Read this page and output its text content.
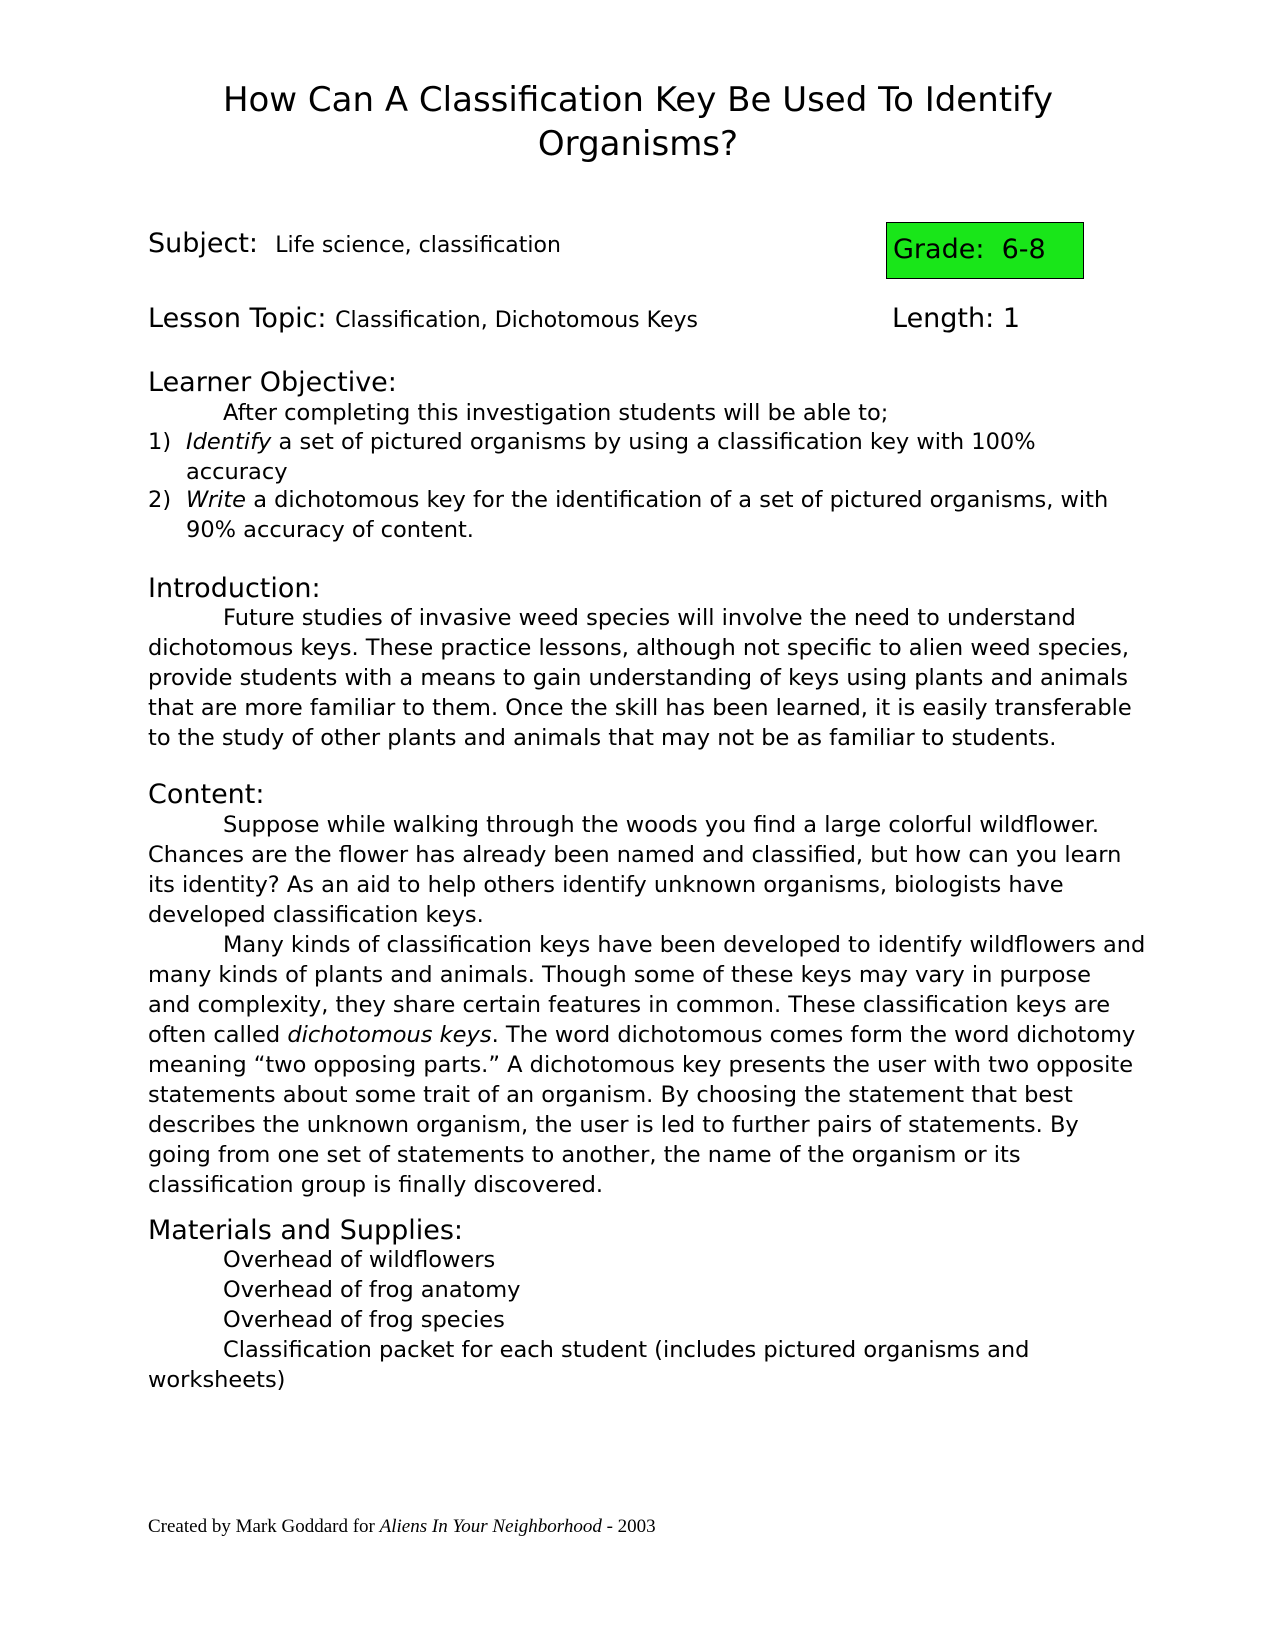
How Can A Classification Key Be Used To Identify
Organisms?
Subject: Life science, classification	Grade: 6-8
Lesson Topic: Classification, Dichotomous Keys	Length: 1
Learner Objective:
After completing this investigation students will be able to;
1) Identify a set of pictured organisms by using a classification key with 100%
accuracy
2) Write a dichotomous key for the identification of a set of pictured organisms, with
90% accuracy of content.
Introduction:
Future studies of invasive weed species will involve the need to understand
dichotomous keys. These practice lessons, although not specific to alien weed species,
provide students with a means to gain understanding of keys using plants and animals
that are more familiar to them. Once the skill has been learned, it is easily transferable
to the study of other plants and animals that may not be as familiar to students.
Content:
Suppose while walking through the woods you find a large colorful wildflower.
Chances are the flower has already been named and classified, but how can you learn
its identity? As an aid to help others identify unknown organisms, biologists have
developed classification keys.
Many kinds of classification keys have been developed to identify wildflowers and
many kinds of plants and animals. Though some of these keys may vary in purpose
and complexity, they share certain features in common. These classification keys are
often called dichotomous keys. The word dichotomous comes form the word dichotomy
meaning “two opposing parts.” A dichotomous key presents the user with two opposite
statements about some trait of an organism. By choosing the statement that best
describes the unknown organism, the user is led to further pairs of statements. By
going from one set of statements to another, the name of the organism or its
classification group is finally discovered.
Materials and Supplies:
Overhead of wildflowers
Overhead of frog anatomy
Overhead of frog species
Classification packet for each student (includes pictured organisms and
worksheets)
Created by Mark Goddard for Aliens In Your Neighborhood - 2003
